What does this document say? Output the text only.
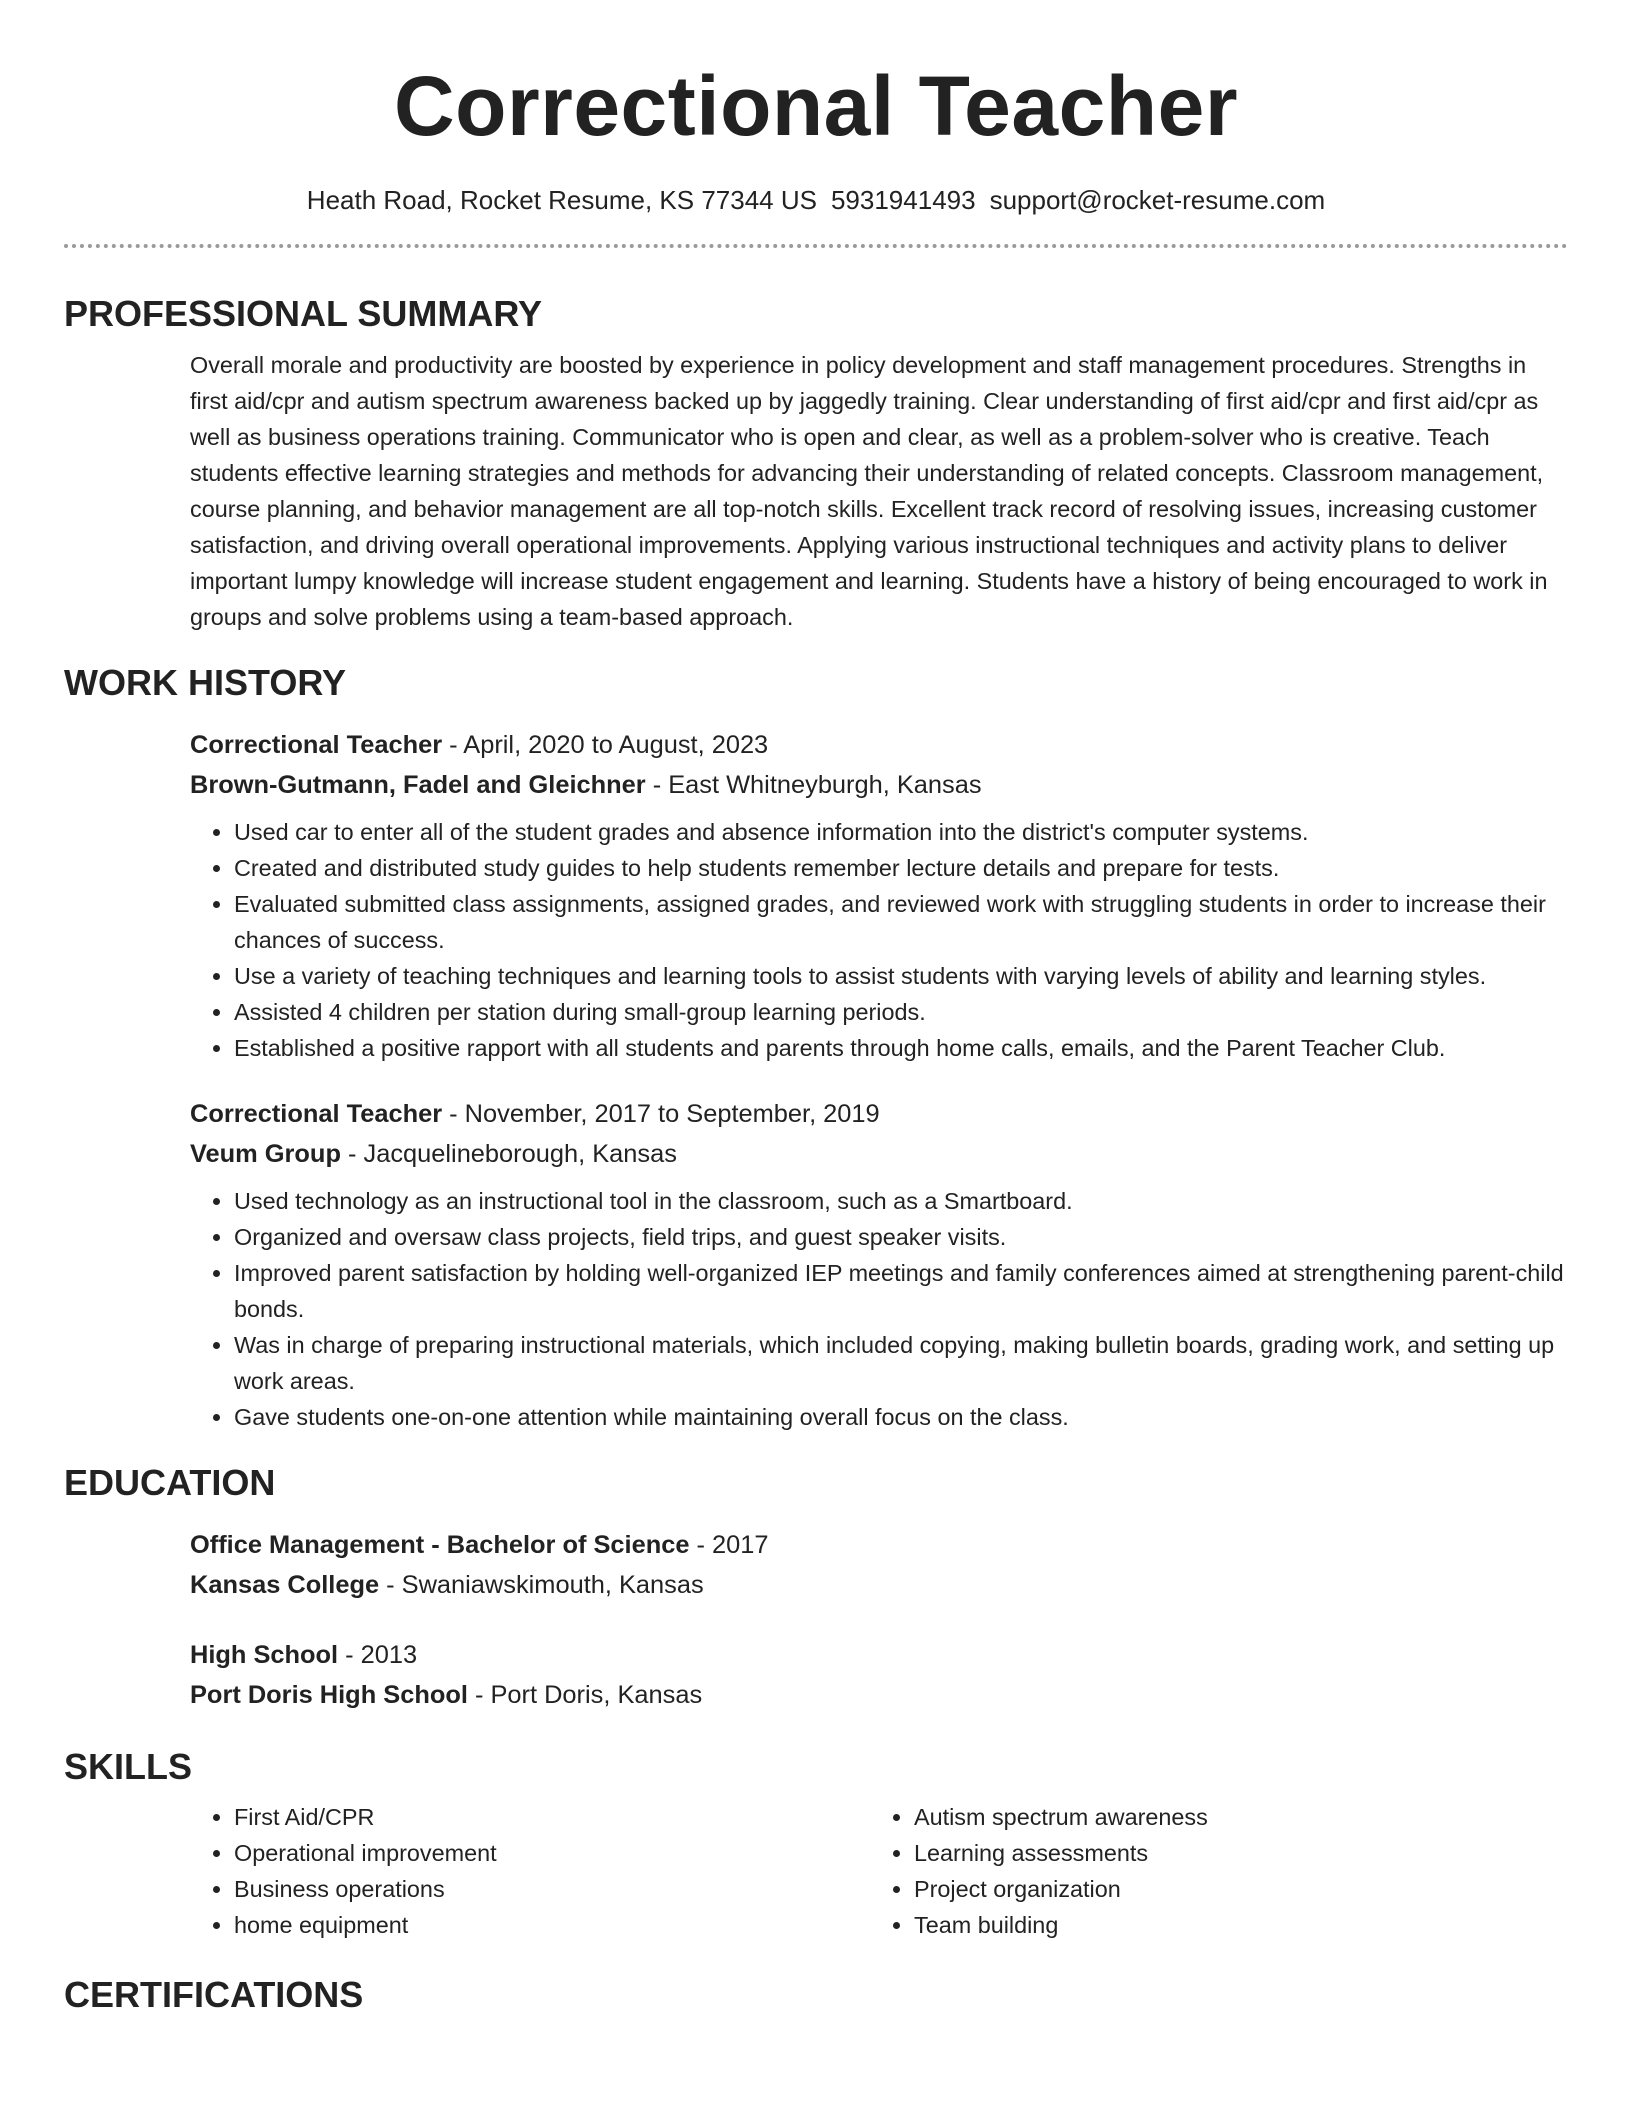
Correctional Teacher
Heath Road, Rocket Resume, KS 77344 US 5931941493 support@rocket-resume.com
PROFESSIONAL SUMMARY

Overall morale and productivity are boosted by experience in policy development and staff management procedures. Strengths in first aid/cpr and autism spectrum awareness backed up by jaggedly training. Clear understanding of first aid/cpr and first aid/cpr as well as business operations training. Communicator who is open and clear, as well as a problem-solver who is creative. Teach students effective learning strategies and methods for advancing their understanding of related concepts. Classroom management, course planning, and behavior management are all top-notch skills. Excellent track record of resolving issues, increasing customer satisfaction, and driving overall operational improvements. Applying various instructional techniques and activity plans to deliver important lumpy knowledge will increase student engagement and learning. Students have a history of being encouraged to work in groups and solve problems using a team-based approach.

WORK HISTORY

Correctional Teacher - April, 2020 to August, 2023

Brown-Gutmann, Fadel and Gleichner - East Whitneyburgh, Kansas

• Used car to enter all of the student grades and absence information into the district's computer systems.
• Created and distributed study guides to help students remember lecture details and prepare for tests.
• Evaluated submitted class assignments, assigned grades, and reviewed work with struggling students in order to increase their chances of success.
• Use a variety of teaching techniques and learning tools to assist students with varying levels of ability and learning styles.
• Assisted 4 children per station during small-group learning periods.
• Established a positive rapport with all students and parents through home calls, emails, and the Parent Teacher Club.

Correctional Teacher - November, 2017 to September, 2019

Veum Group - Jacquelineborough, Kansas

• Used technology as an instructional tool in the classroom, such as a Smartboard.
• Organized and oversaw class projects, field trips, and guest speaker visits.
• Improved parent satisfaction by holding well-organized IEP meetings and family conferences aimed at strengthening parent-child bonds.
• Was in charge of preparing instructional materials, which included copying, making bulletin boards, grading work, and setting up work areas.
• Gave students one-on-one attention while maintaining overall focus on the class.
EDUCATION

Office Management - Bachelor of Science - 2017

Kansas College - Swaniawskimouth, Kansas

High School - 2013

Port Doris High School - Port Doris, Kansas

SKILLS
• First Aid/CPR
• Operational improvement
• Business operations
• home equipment
• Autism spectrum awareness
• Learning assessments
• Project organization
• Team building
CERTIFICATIONS
